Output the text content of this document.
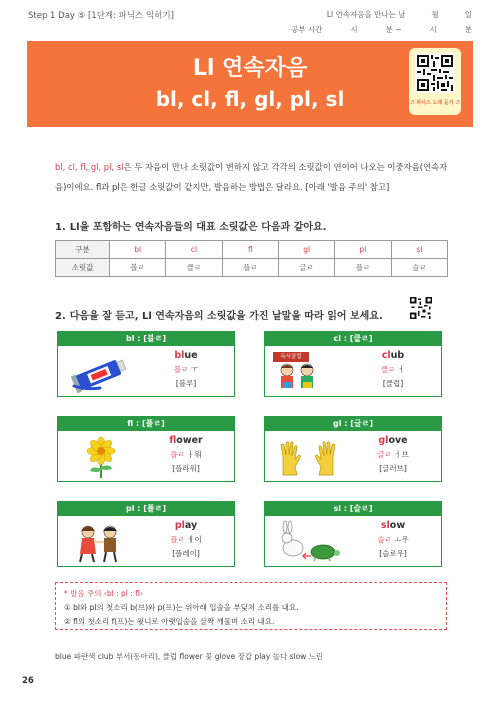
Step 1 Day ⑤ [1단계: 파닉스 익히기]	Ll 연속자음을 만나는 날	월	일
공부 시간	시	분 ~	시	분
Ll 연속자음
bl, cl, fl, gl, pl, sl	♬ 파닉스 노래 듣기 ♬
bl, cl, fl, gl, pl, sl은 두 자음이 만나 소릿값이 변하지 않고 각각의 소릿값이 연이어 나오는 이중자음(연속자
음)이에요. fl과 pl은 한글 소릿값이 같지만, 발음하는 방법은 달라요. [아래 '발음 주의' 참고]
1. Ll을 포함하는 연속자음들의 대표 소릿값은 다음과 같아요.
구분	bl	cl	fl	gl	pl	sl
소릿값	블ㄹ	클ㄹ	플ㄹ	글ㄹ	플ㄹ	슬ㄹ
2. 다음을 잘 듣고, Ll 연속자음의 소릿값을 가진 낱말을 따라 읽어 보세요.
bl : [블ㄹ]
blue
블ㄹ ㅜ
[블루]
cl : [클ㄹ]
독서클럽	club
클ㄹ ㅓ
[클럽]
fl : [플ㄹ]
flower
플ㄹ ㅏ워
[플라워]
gl : [글ㄹ]
glove
글ㄹ ㅓ브
[글러브]
pl : [플ㄹ]
play
플ㄹ ㅔ이
[플레이]
sl : [슬ㄹ]
slow
슬ㄹ ㅗ우
[슬로우]
* 발음 주의 ‹bl : pl : fl›
① bl와 pl의 첫소리 b(브)와 p(프)는 위아래 입술을 부딪쳐 소리를 내요.
② fl의 첫소리 f(프)는 윗니로 아랫입술을 살짝 깨물며 소리 내요.
blue 파란색 club 부서(동아리), 클럽 flower 꽃 glove 장갑 play 놀다 slow 느린
26
